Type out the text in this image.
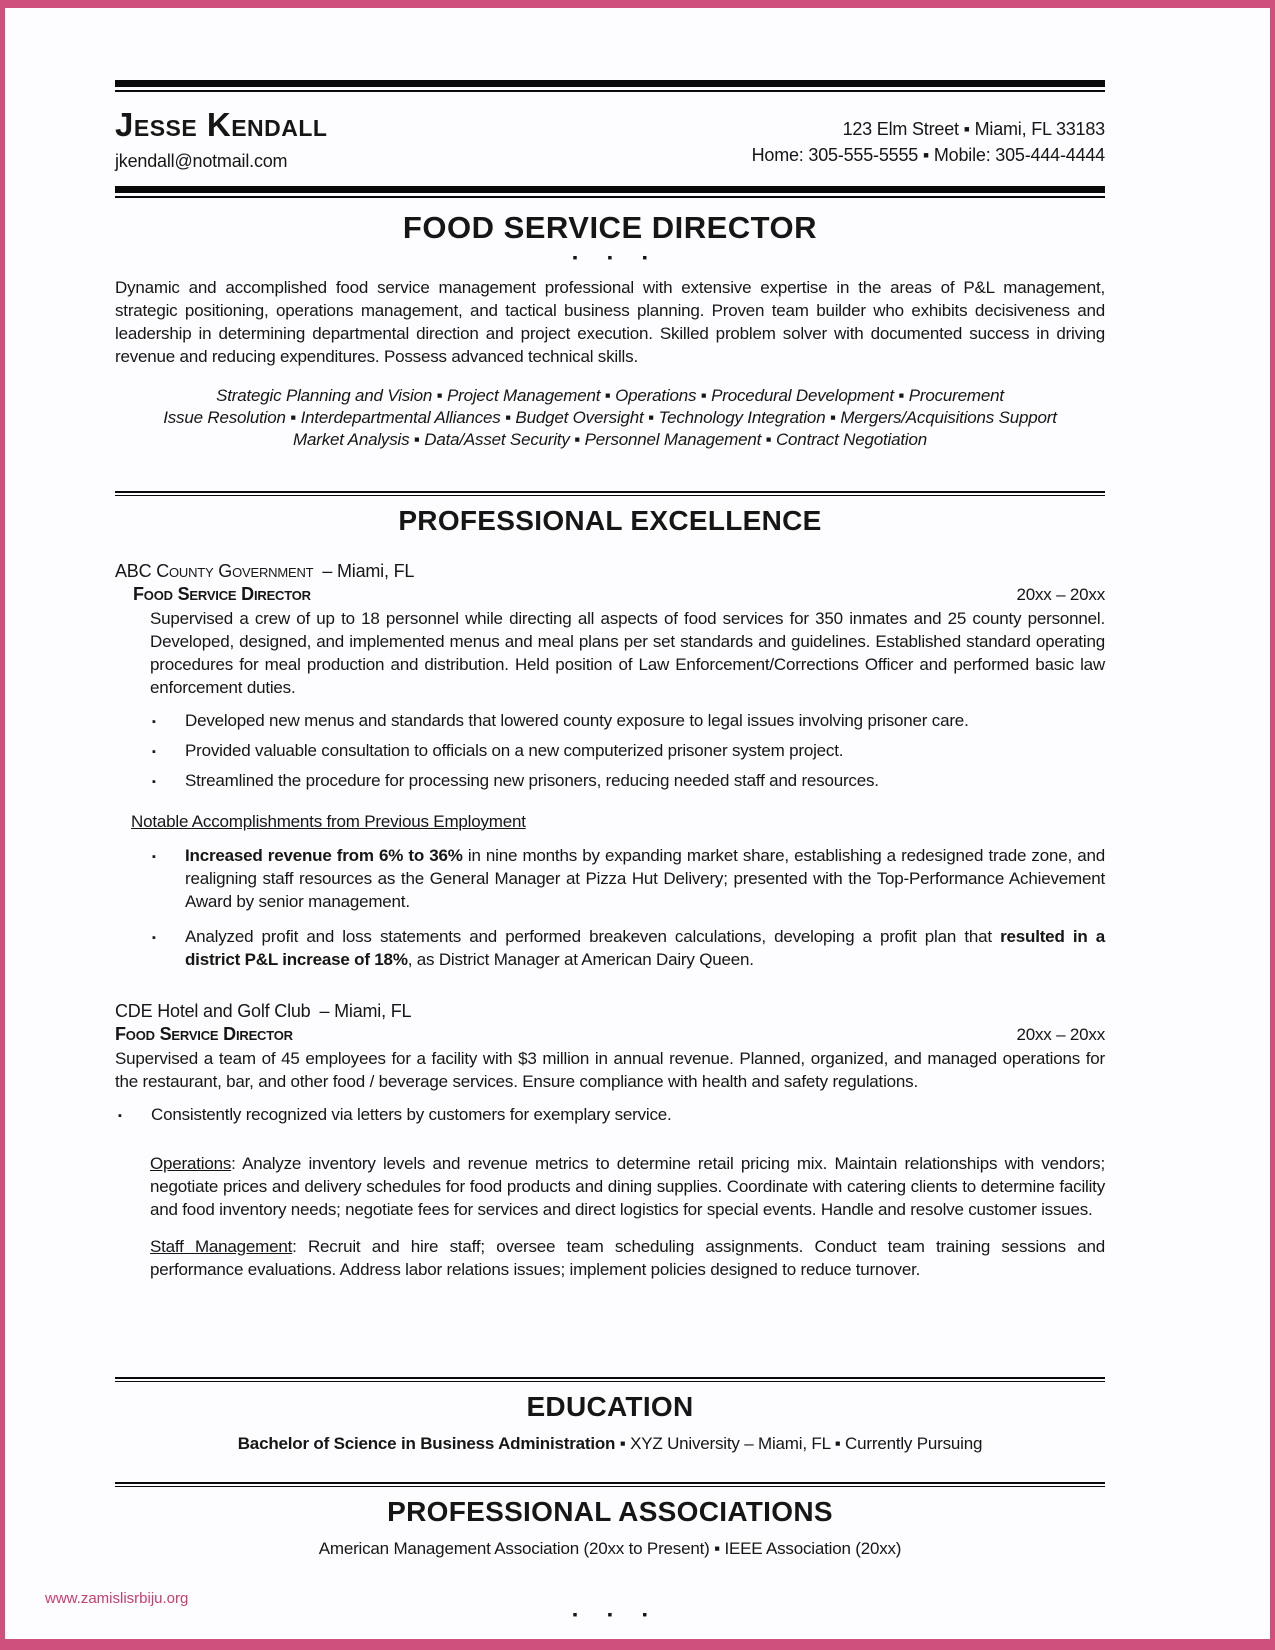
Jesse Kendall
jkendall@notmail.com
123 Elm Street ▪ Miami, FL 33183
Home: 305-555-5555 ▪ Mobile: 305-444-4444
FOOD SERVICE DIRECTOR
▪ ▪ ▪

Dynamic and accomplished food service management professional with extensive expertise in the areas of P&L management, strategic positioning, operations management, and tactical business planning. Proven team builder who exhibits decisiveness and leadership in determining departmental direction and project execution. Skilled problem solver with documented success in driving revenue and reducing expenditures. Possess advanced technical skills.

Strategic Planning and Vision ▪ Project Management ▪ Operations ▪ Procedural Development ▪ Procurement
Issue Resolution ▪ Interdepartmental Alliances ▪ Budget Oversight ▪ Technology Integration ▪ Mergers/Acquisitions Support
Market Analysis ▪ Data/Asset Security ▪ Personnel Management ▪ Contract Negotiation
PROFESSIONAL EXCELLENCE
ABC County Government – Miami, FL
Food Service Director	20xx – 20xx

Supervised a crew of up to 18 personnel while directing all aspects of food services for 350 inmates and 25 county personnel. Developed, designed, and implemented menus and meal plans per set standards and guidelines. Established standard operating procedures for meal production and distribution. Held position of Law Enforcement/Corrections Officer and performed basic law enforcement duties.

▪	Developed new menus and standards that lowered county exposure to legal issues involving prisoner care.
▪	Provided valuable consultation to officials on a new computerized prisoner system project.
▪	Streamlined the procedure for processing new prisoners, reducing needed staff and resources.
Notable Accomplishments from Previous Employment
▪	Increased revenue from 6% to 36% in nine months by expanding market share, establishing a redesigned trade zone, and realigning staff resources as the General Manager at Pizza Hut Delivery; presented with the Top-Performance Achievement Award by senior management.
▪	Analyzed profit and loss statements and performed breakeven calculations, developing a profit plan that resulted in a district P&L increase of 18%, as District Manager at American Dairy Queen.
CDE Hotel and Golf Club – Miami, FL
Food Service Director	20xx – 20xx

Supervised a team of 45 employees for a facility with $3 million in annual revenue. Planned, organized, and managed operations for the restaurant, bar, and other food / beverage services. Ensure compliance with health and safety regulations.

▪	Consistently recognized via letters by customers for exemplary service.

Operations: Analyze inventory levels and revenue metrics to determine retail pricing mix. Maintain relationships with vendors; negotiate prices and delivery schedules for food products and dining supplies. Coordinate with catering clients to determine facility and food inventory needs; negotiate fees for services and direct logistics for special events. Handle and resolve customer issues.

Staff Management: Recruit and hire staff; oversee team scheduling assignments. Conduct team training sessions and performance evaluations. Address labor relations issues; implement policies designed to reduce turnover.

EDUCATION
Bachelor of Science in Business Administration ▪ XYZ University – Miami, FL ▪ Currently Pursuing
PROFESSIONAL ASSOCIATIONS
American Management Association (20xx to Present) ▪ IEEE Association (20xx)
▪ ▪ ▪
www.zamislisrbiju.org
